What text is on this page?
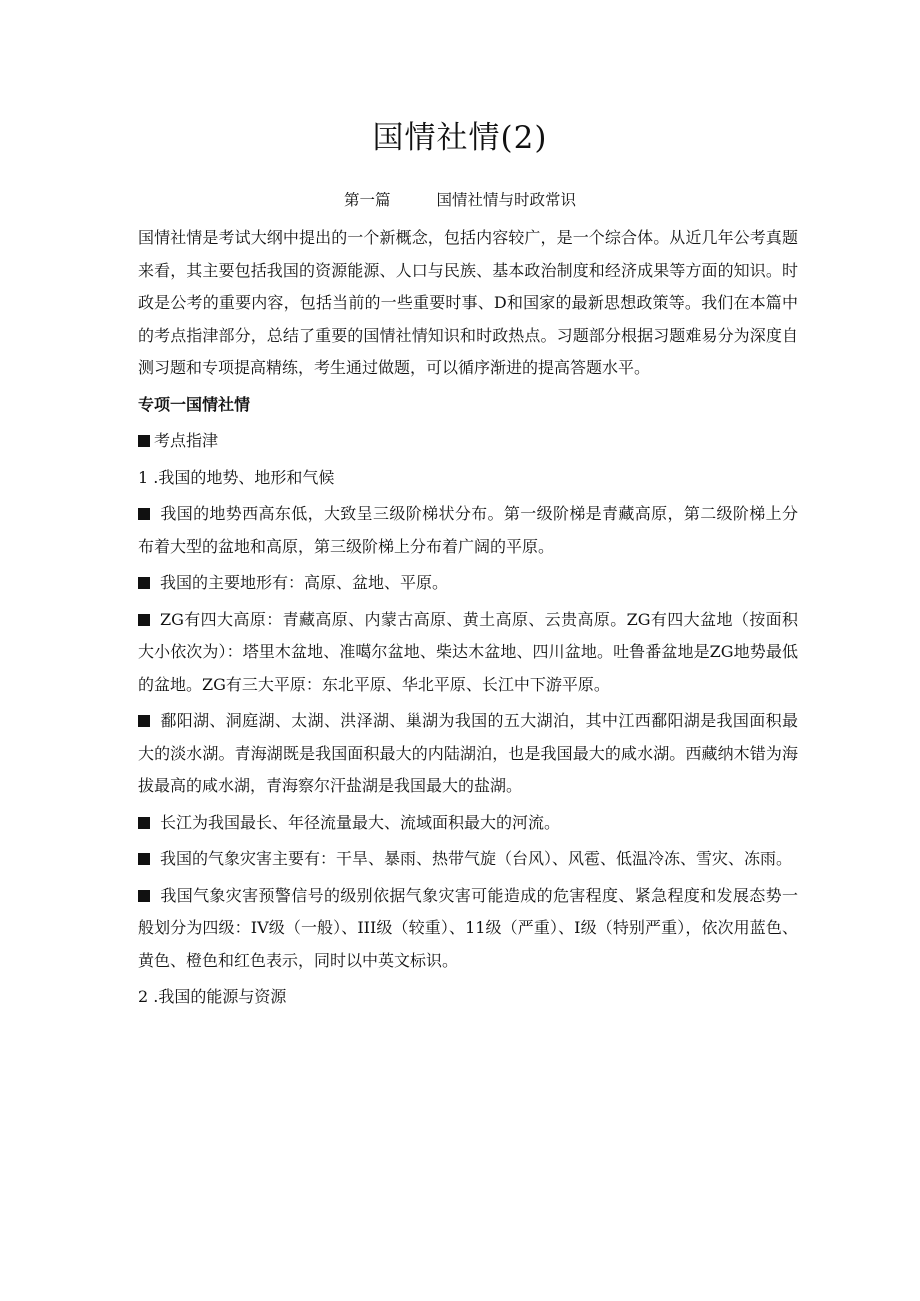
国情社情(2)
第一篇	国情社情与时政常识

国情社情是考试大纲中提出的一个新概念，包括内容较广，是一个综合体。从近几年公考真题来看，其主要包括我国的资源能源、人口与民族、基本政治制度和经济成果等方面的知识。时政是公考的重要内容，包括当前的一些重要时事、D和国家的最新思想政策等。我们在本篇中的考点指津部分，总结了重要的国情社情知识和时政热点。习题部分根据习题难易分为深度自测习题和专项提高精练，考生通过做题，可以循序渐进的提高答题水平。

专项一国情社情

考点指津

1 .我国的地势、地形和气候

我国的地势西高东低，大致呈三级阶梯状分布。第一级阶梯是青藏高原，第二级阶梯上分布着大型的盆地和高原，第三级阶梯上分布着广阔的平原。

我国的主要地形有：高原、盆地、平原。

ZG有四大高原：青藏高原、内蒙古高原、黄土高原、云贵高原。ZG有四大盆地（按面积大小依次为）：塔里木盆地、准噶尔盆地、柴达木盆地、四川盆地。吐鲁番盆地是ZG地势最低的盆地。ZG有三大平原：东北平原、华北平原、长江中下游平原。

鄱阳湖、洞庭湖、太湖、洪泽湖、巢湖为我国的五大湖泊，其中江西鄱阳湖是我国面积最大的淡水湖。青海湖既是我国面积最大的内陆湖泊，也是我国最大的咸水湖。西藏纳木错为海拔最高的咸水湖，青海察尔汗盐湖是我国最大的盐湖。

长江为我国最长、年径流量最大、流域面积最大的河流。

我国的气象灾害主要有：干旱、暴雨、热带气旋（台风）、风雹、低温冷冻、雪灾、冻雨。

我国气象灾害预警信号的级别依据气象灾害可能造成的危害程度、紧急程度和发展态势一般划分为四级：IV级（一般）、III级（较重）、11级（严重）、I级（特别严重），依次用蓝色、黄色、橙色和红色表示，同时以中英文标识。

2 .我国的能源与资源
